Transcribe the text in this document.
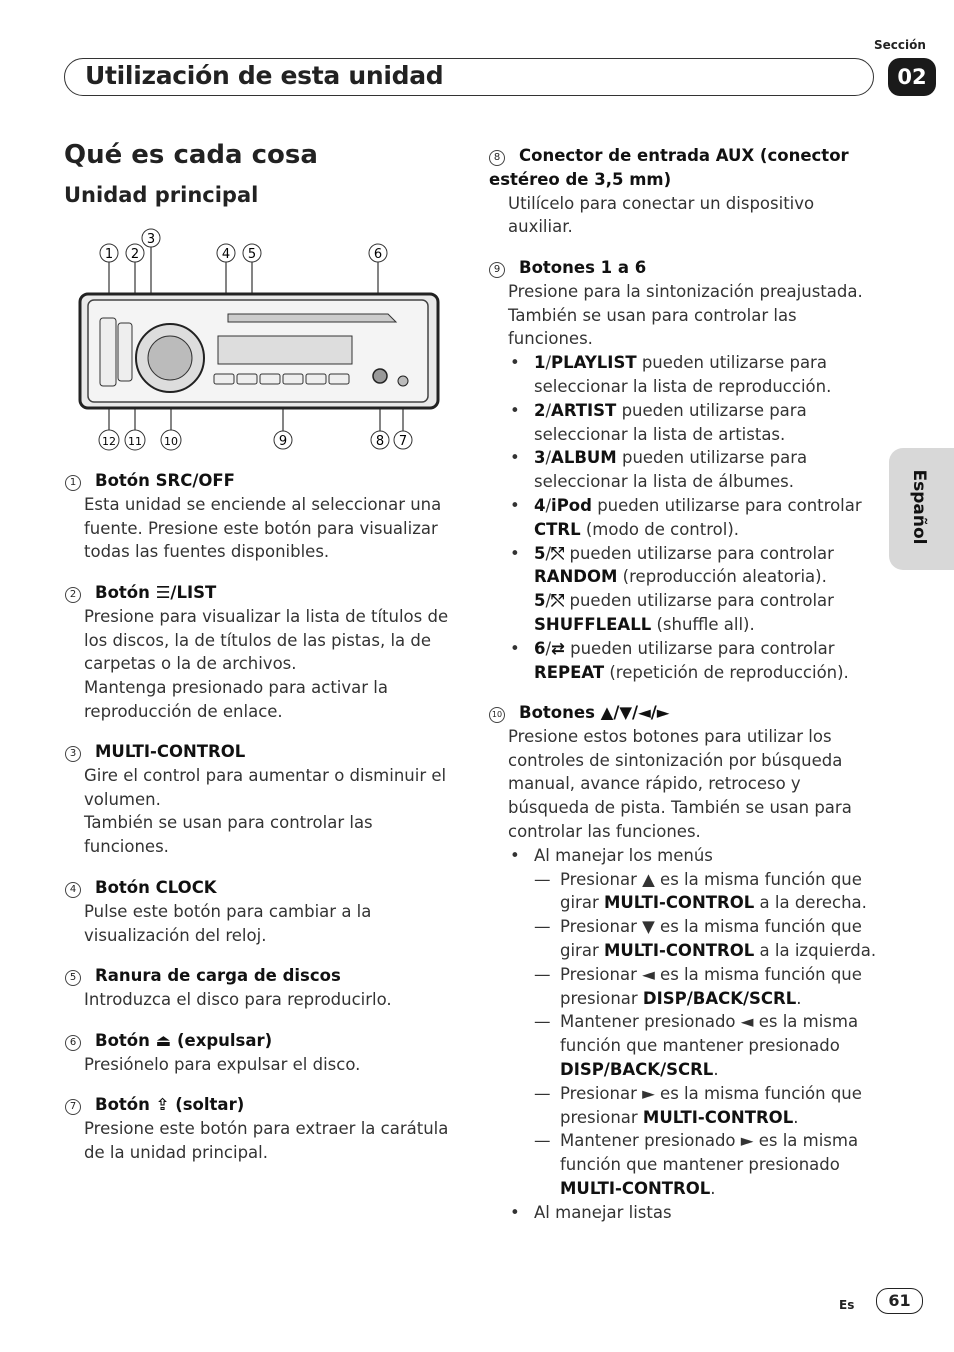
Sección
Utilización de esta unidad	02
Español
Qué es cada cosa
Unidad principal
1 2
3
4 5	6
12 11 10	9	8 7
1 Botón SRC/OFF
Esta unidad se enciende al seleccionar una fuente. Presione este botón para visualizar todas las fuentes disponibles.
2 Botón ☰/LIST
Presione para visualizar la lista de títulos de los discos, la de títulos de las pistas, la de carpetas o la de archivos.
Mantenga presionado para activar la reproducción de enlace.
3 MULTI-CONTROL
Gire el control para aumentar o disminuir el volumen.
También se usan para controlar las funciones.
4 Botón CLOCK
Pulse este botón para cambiar a la visualización del reloj.
5 Ranura de carga de discos
Introduzca el disco para reproducirlo.
6 Botón ⏏ (expulsar)
Presiónelo para expulsar el disco.
7 Botón ⇪ (soltar)
Presione este botón para extraer la carátula de la unidad principal.
8 Conector de entrada AUX (conector estéreo de 3,5 mm)
Utilícelo para conectar un dispositivo auxiliar.
9 Botones 1 a 6
Presione para la sintonización preajustada. También se usan para controlar las funciones.
• 1/PLAYLIST pueden utilizarse para seleccionar la lista de reproducción.
• 2/ARTIST pueden utilizarse para seleccionar la lista de artistas.
• 3/ALBUM pueden utilizarse para seleccionar la lista de álbumes.
• 4/iPod pueden utilizarse para controlar CTRL (modo de control).
• 5/⤲ pueden utilizarse para controlar RANDOM (reproducción aleatoria).
5/⤲ pueden utilizarse para controlar SHUFFLEALL (shuffle all).
• 6/⇄ pueden utilizarse para controlar REPEAT (repetición de reproducción).
10 Botones ▲/▼/◄/►
Presione estos botones para utilizar los controles de sintonización por búsqueda manual, avance rápido, retroceso y búsqueda de pista. También se usan para controlar las funciones.
• Al manejar los menús
— Presionar ▲ es la misma función que girar MULTI-CONTROL a la derecha.
— Presionar ▼ es la misma función que girar MULTI-CONTROL a la izquierda.
— Presionar ◄ es la misma función que presionar DISP/BACK/SCRL.
— Mantener presionado ◄ es la misma función que mantener presionado DISP/BACK/SCRL.
— Presionar ► es la misma función que presionar MULTI-CONTROL.
— Mantener presionado ► es la misma función que mantener presionado MULTI-CONTROL.
• Al manejar listas
Es	61
